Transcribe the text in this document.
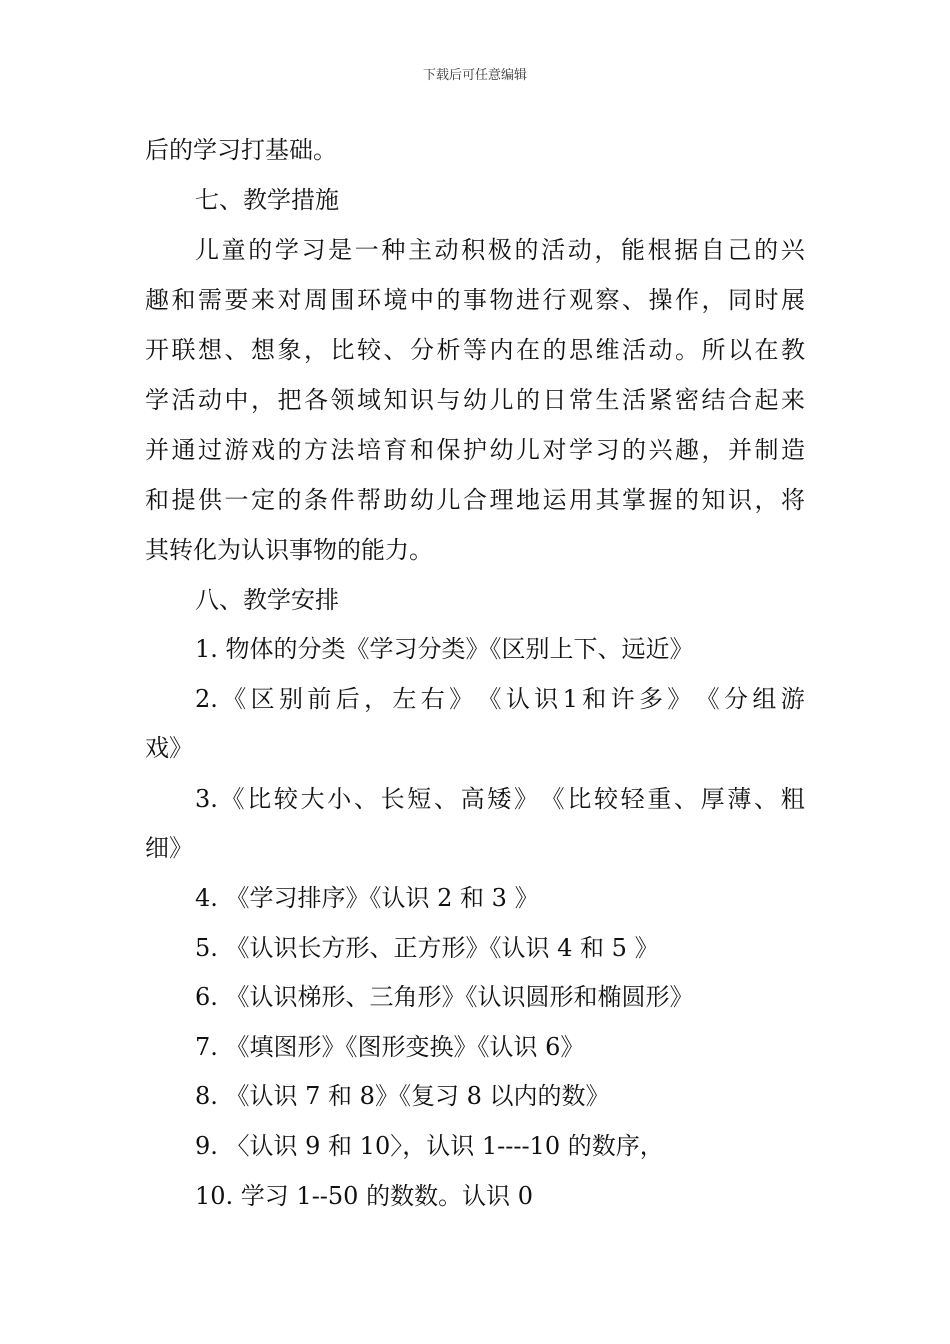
下载后可任意编辑
后的学习打基础。
七、教学措施
儿 童 的 学 习 是 一 种 主 动 积 极 的 活 动 ， 能 根 据 自 己 的 兴
趣 和 需 要 来 对 周 围 环 境 中 的 事 物 进 行 观 察 、 操 作 ， 同 时 展
开 联 想 、 想 象 ， 比 较 、 分 析 等 内 在 的 思 维 活 动 。 所 以 在 教
学 活 动 中 ， 把 各 领 域 知 识 与 幼 儿 的 日 常 生 活 紧 密 结 合 起 来
并 通 过 游 戏 的 方 法 培 育 和 保 护 幼 儿 对 学 习 的 兴 趣 ， 并 制 造
和 提 供 一 定 的 条 件 帮 助 幼 儿 合 理 地 运 用 其 掌 握 的 知 识 ， 将
其转化为认识事物的能力。
八、教学安排
1. 物体的分类《学习分类》《区别上下、远近》
2. 《 区 别 前 后 ， 左 右 》 《 认 识 1 和 许 多 》 《 分 组 游
戏》
3. 《 比 较 大 小 、 长 短 、 高 矮 》 《 比 较 轻 重 、 厚 薄 、 粗
细》
4. 《学习排序》《认识 2 和 3 》
5. 《认识长方形、正方形》《认识 4 和 5 》
6. 《认识梯形、三角形》《认识圆形和椭圆形》
7. 《填图形》《图形变换》《认识 6》
8. 《认识 7 和 8》《复习 8 以内的数》
9. 〈认识 9 和 10〉，认识 1----10 的数序，
10. 学习 1--50 的数数。认识 0
